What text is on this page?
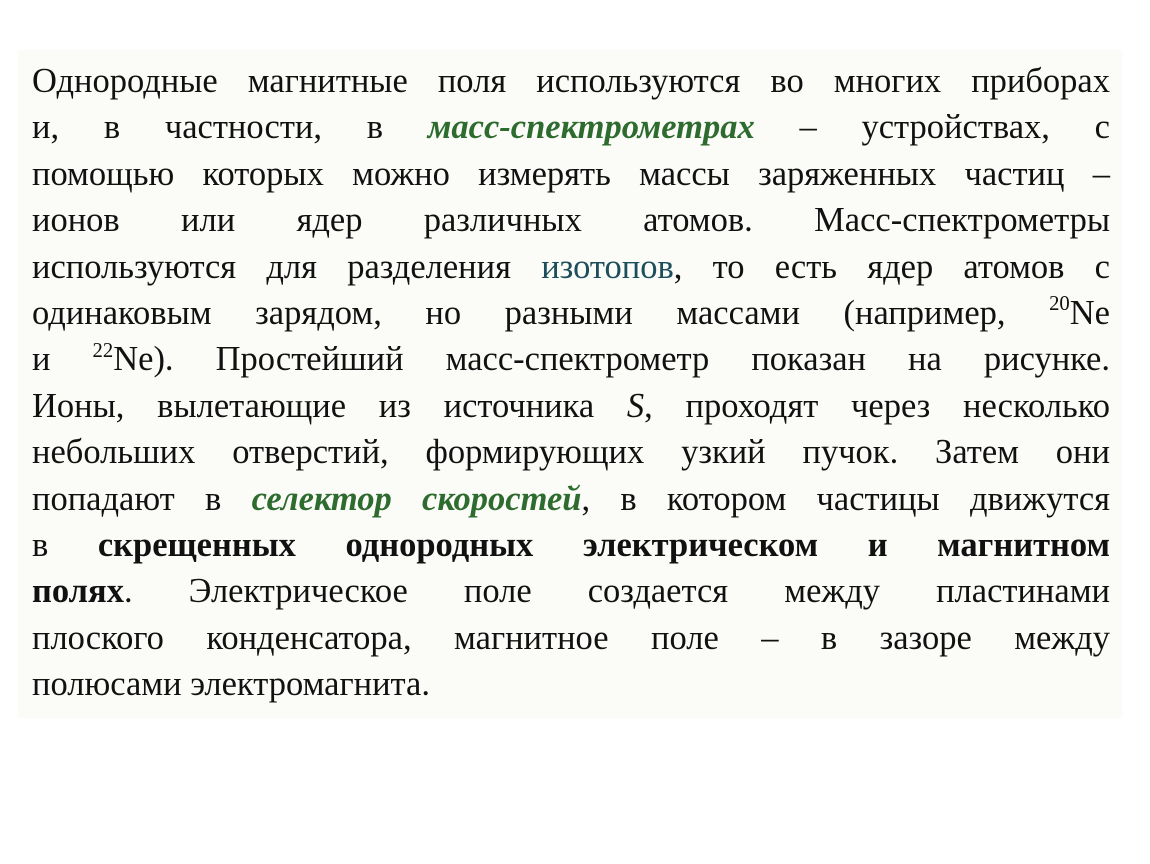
Однородные магнитные поля используются во многих приборах
и, в частности, в масс-спектрометрах – устройствах, с
помощью которых можно измерять массы заряженных частиц –
ионов или ядер различных атомов. Масс-спектрометры
используются для разделения изотопов, то есть ядер атомов с
одинаковым зарядом, но разными массами (например, $^{20}$Ne
и $^{22}$Ne). Простейший масс-спектрометр показан на рисунке.
Ионы, вылетающие из источника S, проходят через несколько
небольших отверстий, формирующих узкий пучок. Затем они
попадают в селектор скоростей, в котором частицы движутся
в скрещенных однородных электрическом и магнитном
полях. Электрическое поле создается между пластинами
плоского конденсатора, магнитное поле – в зазоре между
полюсами электромагнита.
